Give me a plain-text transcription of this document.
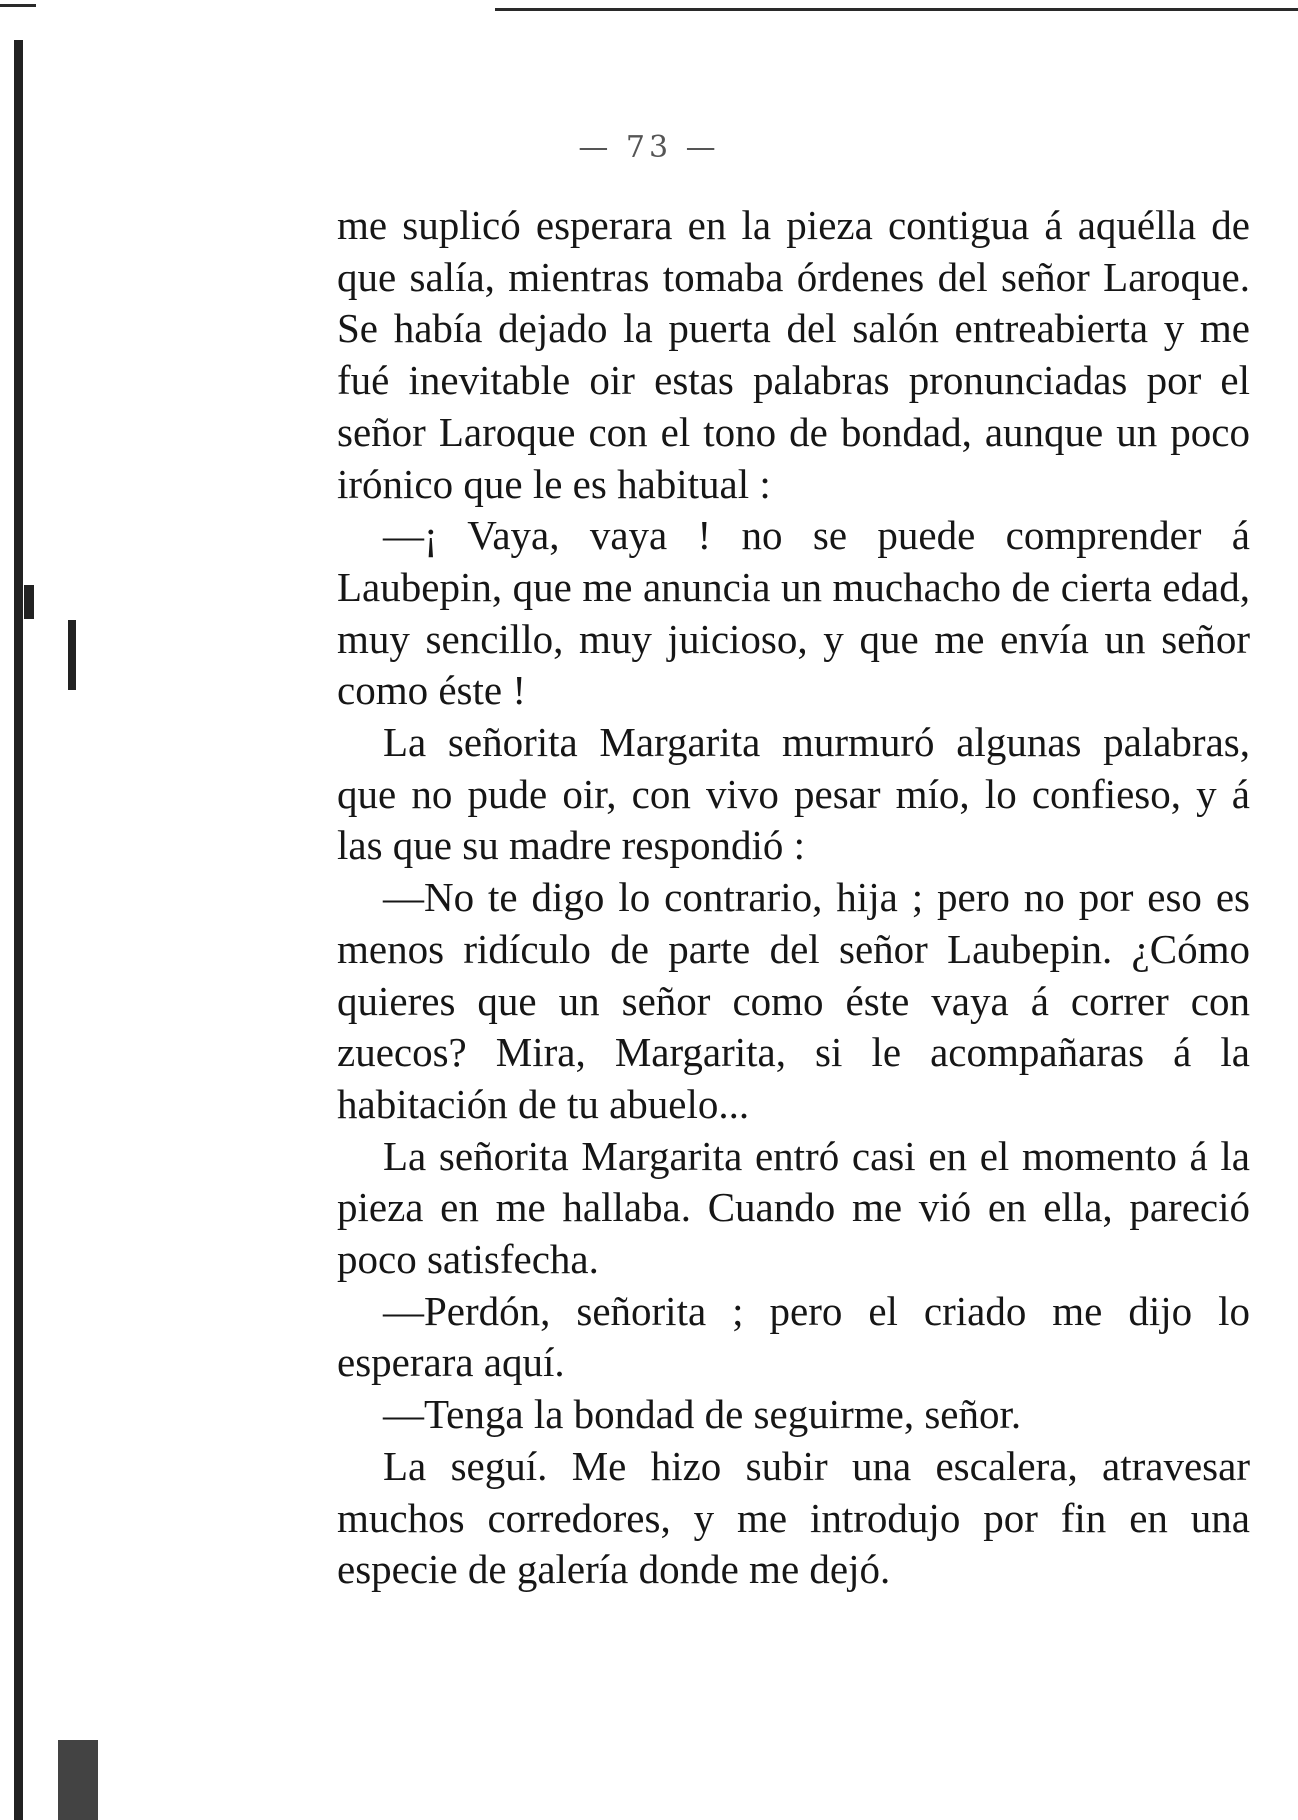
— 73 —

me suplicó esperara en la pieza contigua á aquélla de que salía, mientras tomaba órdenes del señor Laroque. Se había dejado la puerta del salón entreabierta y me fué inevitable oir estas palabras pronunciadas por el señor Laroque con el tono de bondad, aunque un poco irónico que le es habitual :

—¡ Vaya, vaya ! no se puede comprender á Laubepin, que me anuncia un muchacho de cierta edad, muy sencillo, muy juicioso, y que me envía un señor como éste !

La señorita Margarita murmuró algunas palabras, que no pude oir, con vivo pesar mío, lo confieso, y á las que su madre respondió :

—No te digo lo contrario, hija ; pero no por eso es menos ridículo de parte del señor Laubepin. ¿Cómo quieres que un señor como éste vaya á correr con zuecos? Mira, Margarita, si le acompañaras á la habitación de tu abuelo...

La señorita Margarita entró casi en el momento á la pieza en me hallaba. Cuando me vió en ella, pareció poco satisfecha.

—Perdón, señorita ; pero el criado me dijo lo esperara aquí.

—Tenga la bondad de seguirme, señor.

La seguí. Me hizo subir una escalera, atravesar muchos corredores, y me introdujo por fin en una especie de galería donde me dejó.
